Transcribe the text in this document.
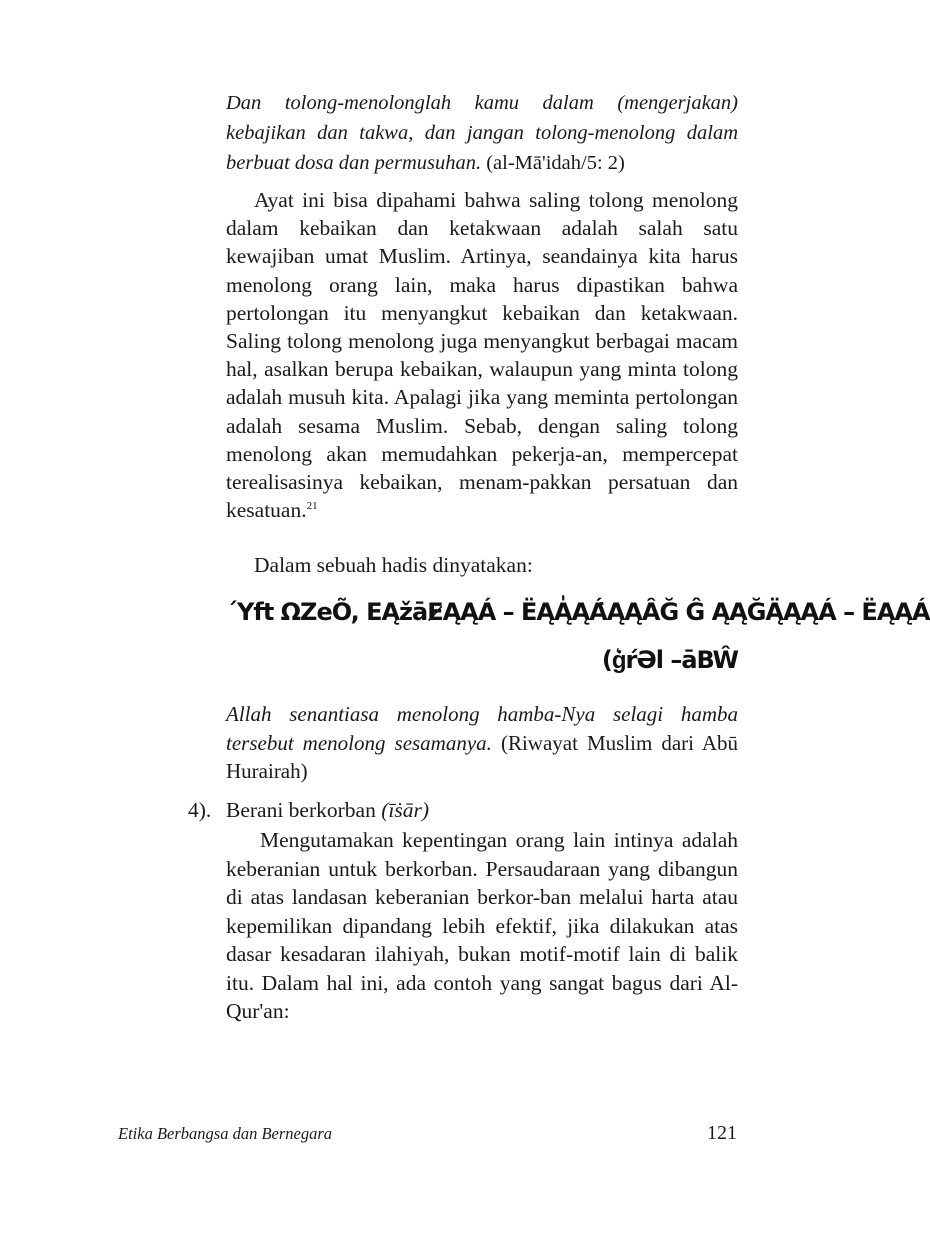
Dan tolong-menolonglah kamu dalam (mengerjakan) kebajikan dan takwa, dan jangan tolong-menolong dalam berbuat dosa dan permusuhan. (al-Mā'idah/5: 2)
Ayat ini bisa dipahami bahwa saling tolong menolong dalam kebaikan dan ketakwaan adalah salah satu kewajiban umat Muslim. Artinya, seandainya kita harus menolong orang lain, maka harus dipastikan bahwa pertolongan itu menyangkut kebaikan dan ketakwaan. Saling tolong menolong juga menyangkut berbagai macam hal, asalkan berupa kebaikan, walaupun yang minta tolong adalah musuh kita. Apalagi jika yang meminta pertolongan adalah sesama Muslim. Sebab, dengan saling tolong menolong akan memudahkan pekerja-an, mempercepat terealisasinya kebaikan, menam-pakkan persatuan dan kesatuan.$^{21}$
Dalam sebuah hadis dinyatakan:
´Yft ΩZeÕ, EĄžāE̷ĄĄÁ – ËĄĄ̍ĄÁ̇ĄĄÂĞ Ĝ ĄĄĞĄ̈ĄĄÁ – ËĄĄÁ
(ġ͛ŕƏl –āBŴ
Allah senantiasa menolong hamba-Nya selagi hamba tersebut menolong sesamanya. (Riwayat Muslim dari Abū Hurairah)
4). Berani berkorban (īṡār)
Mengutamakan kepentingan orang lain intinya adalah keberanian untuk berkorban. Persaudaraan yang dibangun di atas landasan keberanian berkor-ban melalui harta atau kepemilikan dipandang lebih efektif, jika dilakukan atas dasar kesadaran ilahiyah, bukan motif-motif lain di balik itu. Dalam hal ini, ada contoh yang sangat bagus dari Al-Qur'an:
Etika Berbangsa dan Bernegara	121
